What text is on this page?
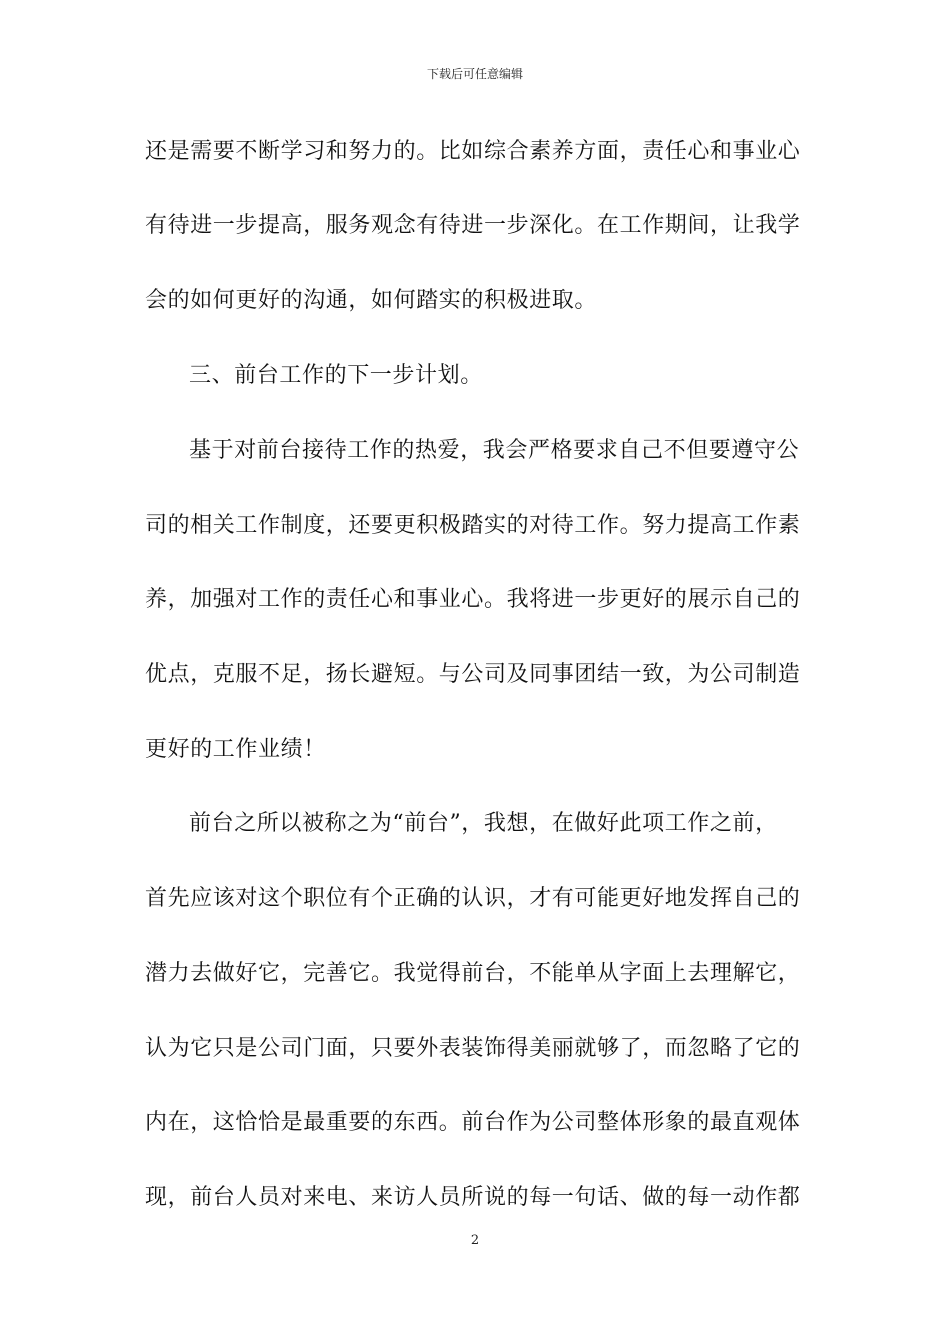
下载后可任意编辑
还是需要不断学习和努力的。比如综合素养方面，责任心和事业心
有待进一步提高，服务观念有待进一步深化。在工作期间，让我学
会的如何更好的沟通，如何踏实的积极进取。
三、前台工作的下一步计划。
基于对前台接待工作的热爱，我会严格要求自己不但要遵守公
司的相关工作制度，还要更积极踏实的对待工作。努力提高工作素
养，加强对工作的责任心和事业心。我将进一步更好的展示自己的
优点，克服不足，扬长避短。与公司及同事团结一致，为公司制造
更好的工作业绩！
前台之所以被称之为“前台”，我想，在做好此项工作之前，
首先应该对这个职位有个正确的认识，才有可能更好地发挥自己的
潜力去做好它，完善它。我觉得前台，不能单从字面上去理解它，
认为它只是公司门面，只要外表装饰得美丽就够了，而忽略了它的
内在，这恰恰是最重要的东西。前台作为公司整体形象的最直观体
现，前台人员对来电、来访人员所说的每一句话、做的每一动作都
2
